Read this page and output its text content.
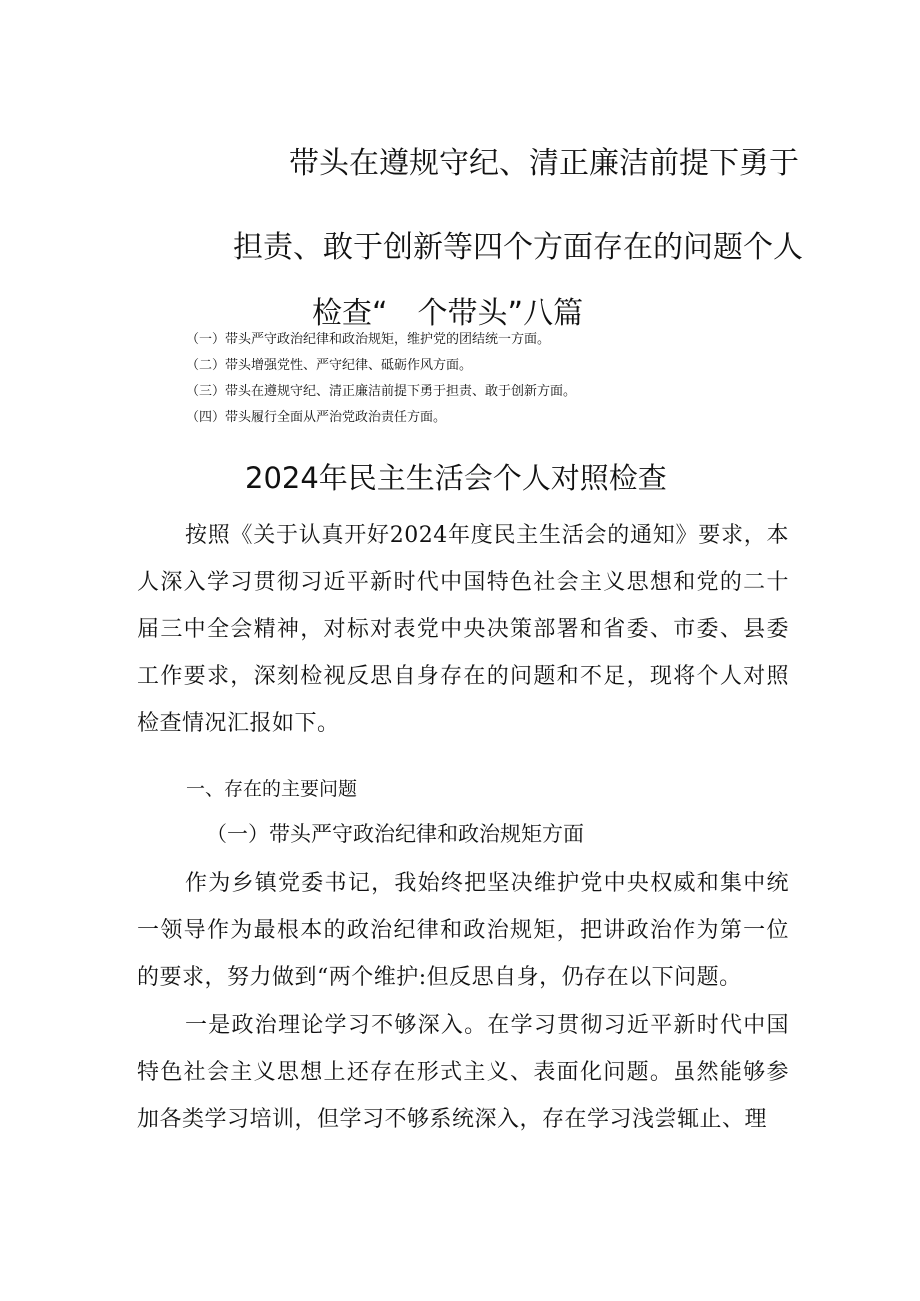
带头在遵规守纪、清正廉洁前提下勇于
担责、敢于创新等四个方面存在的问题个人
检查“　个带头”八篇
（一）带头严守政治纪律和政治规矩，维护党的团结统一方面。
（二）带头增强党性、严守纪律、砥砺作风方面。
（三）带头在遵规守纪、清正廉洁前提下勇于担责、敢于创新方面。
（四）带头履行全面从严治党政治责任方面。
2024年民主生活会个人对照检查

按照《关于认真开好2024年度民主生活会的通知》要求，本人深入学习贯彻习近平新时代中国特色社会主义思想和党的二十届三中全会精神，对标对表党中央决策部署和省委、市委、县委工作要求，深刻检视反思自身存在的问题和不足，现将个人对照检查情况汇报如下。

一、存在的主要问题
（一）带头严守政治纪律和政治规矩方面

作为乡镇党委书记，我始终把坚决维护党中央权威和集中统一领导作为最根本的政治纪律和政治规矩，把讲政治作为第一位的要求，努力做到“两个维护:但反思自身，仍存在以下问题。

一是政治理论学习不够深入。在学习贯彻习近平新时代中国特色社会主义思想上还存在形式主义、表面化问题。虽然能够参加各类学习培训，但学习不够系统深入，存在学习浅尝辄止、理
